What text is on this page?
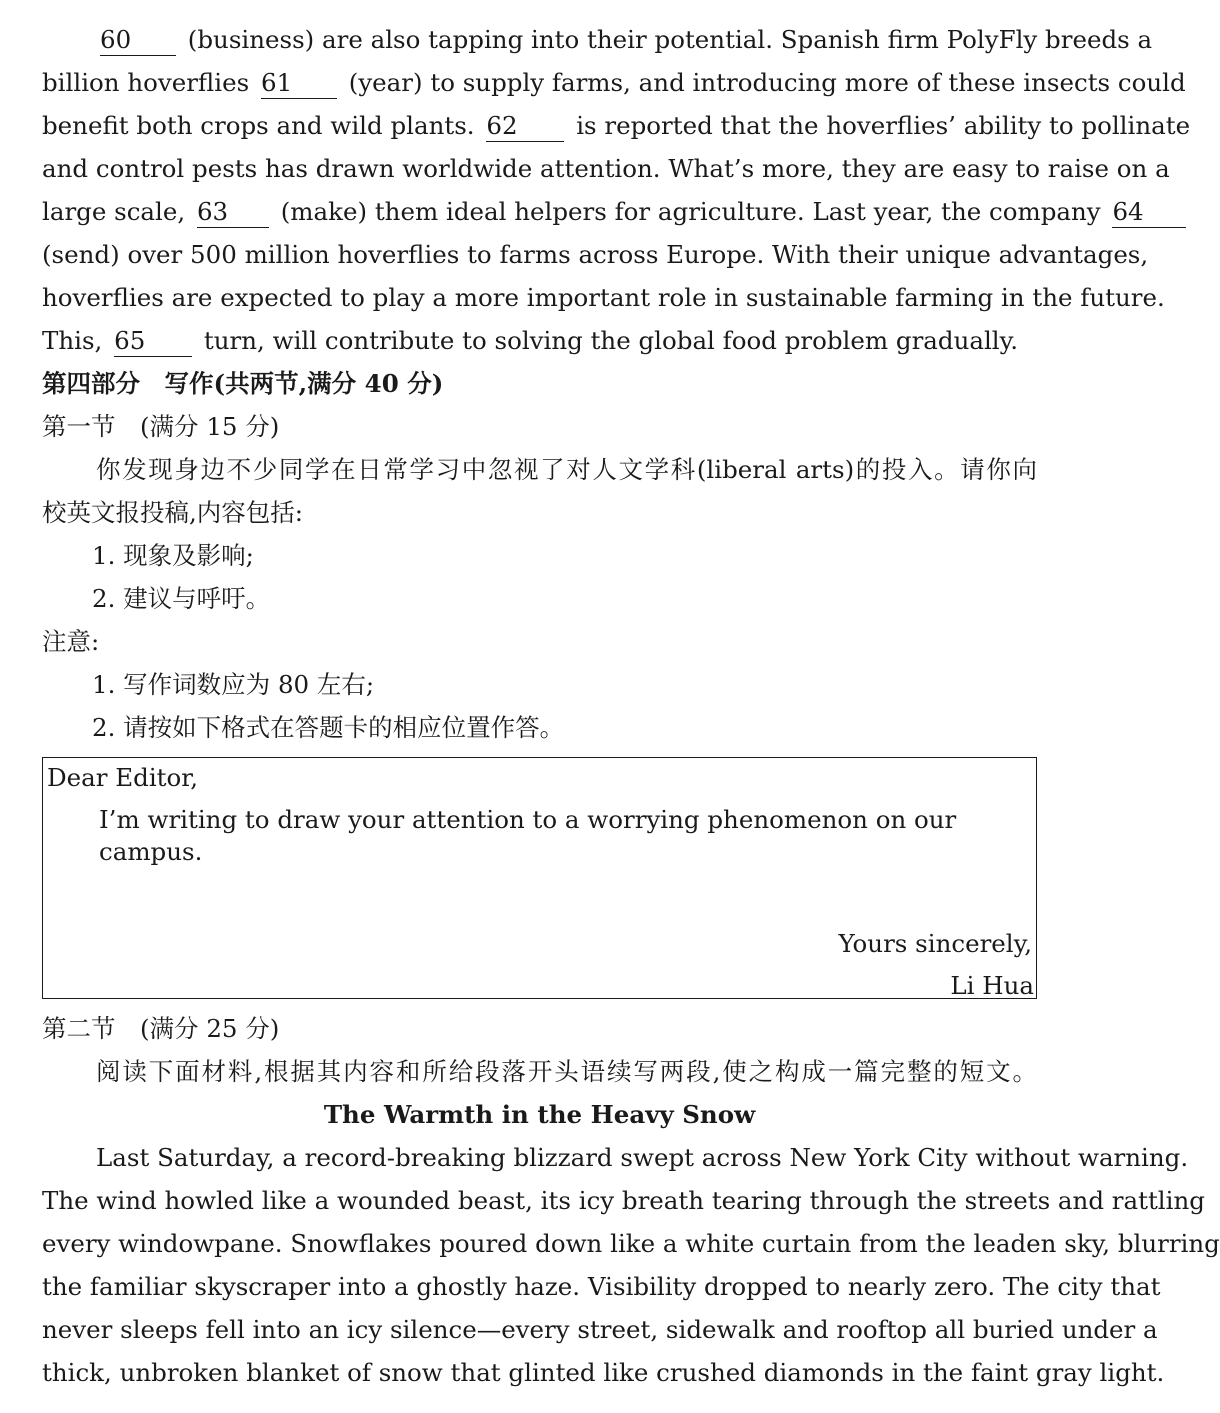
60 (business) are also tapping into their potential. Spanish firm PolyFly breeds a
billion hoverflies 61 (year) to supply farms, and introducing more of these insects could
benefit both crops and wild plants. 62 is reported that the hoverflies’ ability to pollinate
and control pests has drawn worldwide attention. What’s more, they are easy to raise on a
large scale, 63 (make) them ideal helpers for agriculture. Last year, the company 64
(send) over 500 million hoverflies to farms across Europe. With their unique advantages,
hoverflies are expected to play a more important role in sustainable farming in the future.
This, 65 turn, will contribute to solving the global food problem gradually.
第四部分　写作(共两节,满分 40 分)
第一节　(满分 15 分)
你发现身边不少同学在日常学习中忽视了对人文学科(liberal arts)的投入。请你向
校英文报投稿,内容包括:
1. 现象及影响;
2. 建议与呼吁。
注意:
1. 写作词数应为 80 左右;
2. 请按如下格式在答题卡的相应位置作答。
Dear Editor,
I’m writing to draw your attention to a worrying phenomenon on our campus.
Yours sincerely,
Li Hua
第二节　(满分 25 分)
阅读下面材料,根据其内容和所给段落开头语续写两段,使之构成一篇完整的短文。
The Warmth in the Heavy Snow
Last Saturday, a record-breaking blizzard swept across New York City without warning.
The wind howled like a wounded beast, its icy breath tearing through the streets and rattling
every windowpane. Snowflakes poured down like a white curtain from the leaden sky, blurring
the familiar skyscraper into a ghostly haze. Visibility dropped to nearly zero. The city that
never sleeps fell into an icy silence—every street, sidewalk and rooftop all buried under a
thick, unbroken blanket of snow that glinted like crushed diamonds in the faint gray light.
